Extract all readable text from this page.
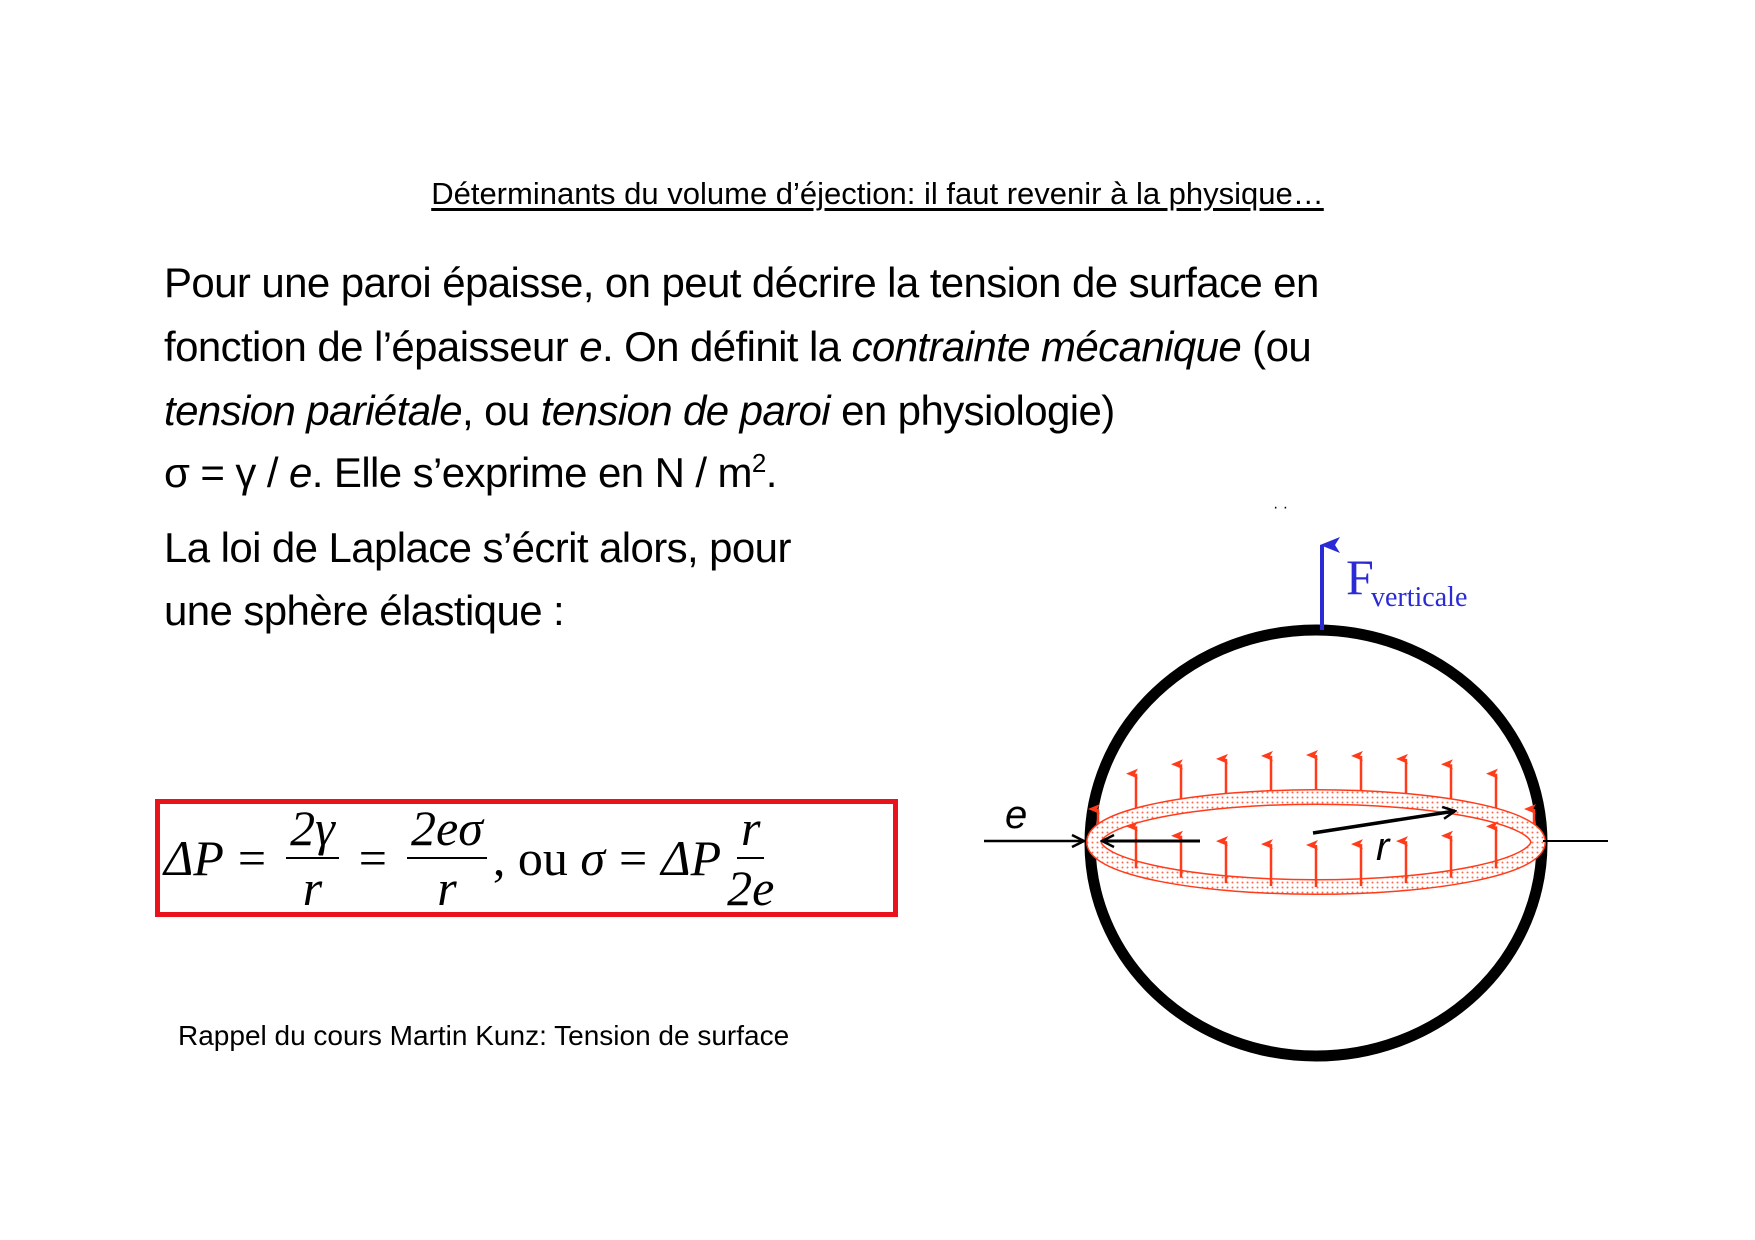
Déterminants du volume d’éjection: il faut revenir à la physique…
Pour une paroi épaisse, on peut décrire la tension de surface en
fonction de l’épaisseur e. On définit la contrainte mécanique (ou
tension pariétale, ou tension de paroi en physiologie)
σ = γ / e. Elle s’exprime en N / $m^2$.
La loi de Laplace s’écrit alors, pour
une sphère élastique :
$\Delta P = \frac{2\gamma}{r} = \frac{2e\sigma}{r}$ , ou σ = ΔP $\frac{r}{2e}$
Rappel du cours Martin Kunz: Tension de surface
· ·
F
verticale
e
r
